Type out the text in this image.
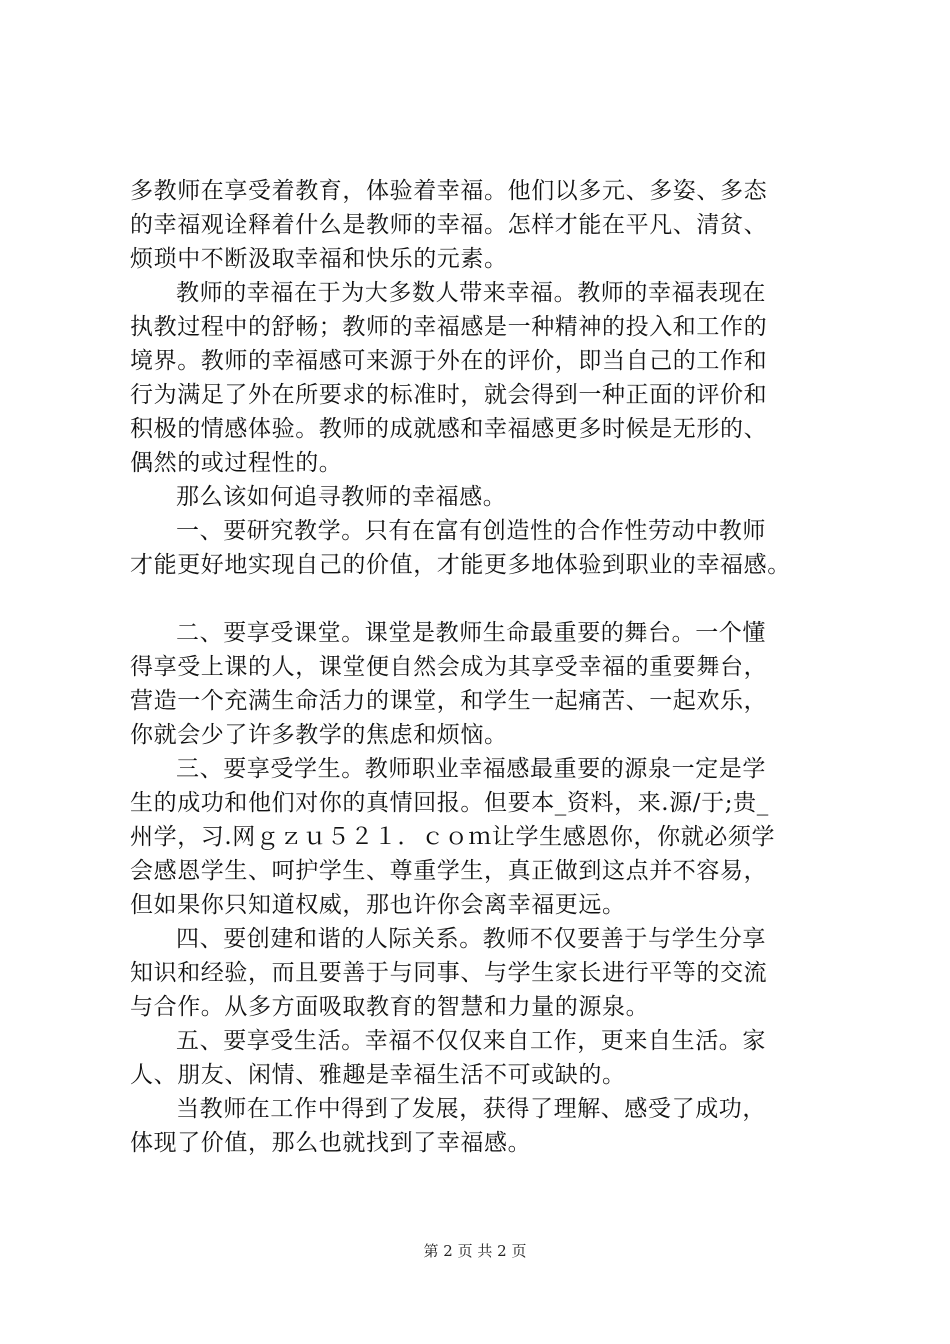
多教师在享受着教育，体验着幸福。他们以多元、多姿、多态
的幸福观诠释着什么是教师的幸福。怎样才能在平凡、清贫、
烦琐中不断汲取幸福和快乐的元素。
教师的幸福在于为大多数人带来幸福。教师的幸福表现在
执教过程中的舒畅；教师的幸福感是一种精神的投入和工作的
境界。教师的幸福感可来源于外在的评价，即当自己的工作和
行为满足了外在所要求的标准时，就会得到一种正面的评价和
积极的情感体验。教师的成就感和幸福感更多时候是无形的、
偶然的或过程性的。
那么该如何追寻教师的幸福感。
一、要研究教学。只有在富有创造性的合作性劳动中教师
才能更好地实现自己的价值，才能更多地体验到职业的幸福感。
二、要享受课堂。课堂是教师生命最重要的舞台。一个懂
得享受上课的人，课堂便自然会成为其享受幸福的重要舞台，
营造一个充满生命活力的课堂，和学生一起痛苦、一起欢乐，
你就会少了许多教学的焦虑和烦恼。
三、要享受学生。教师职业幸福感最重要的源泉一定是学
生的成功和他们对你的真情回报。但要本_资料，来.源/于;贵_
州学，习.网ｇｚｕ５２１．ｃｏｍ让学生感恩你，你就必须学
会感恩学生、呵护学生、尊重学生，真正做到这点并不容易，
但如果你只知道权威，那也许你会离幸福更远。
四、要创建和谐的人际关系。教师不仅要善于与学生分享
知识和经验，而且要善于与同事、与学生家长进行平等的交流
与合作。从多方面吸取教育的智慧和力量的源泉。
五、要享受生活。幸福不仅仅来自工作，更来自生活。家
人、朋友、闲情、雅趣是幸福生活不可或缺的。
当教师在工作中得到了发展，获得了理解、感受了成功，
体现了价值，那么也就找到了幸福感。
第 2 页 共 2 页
